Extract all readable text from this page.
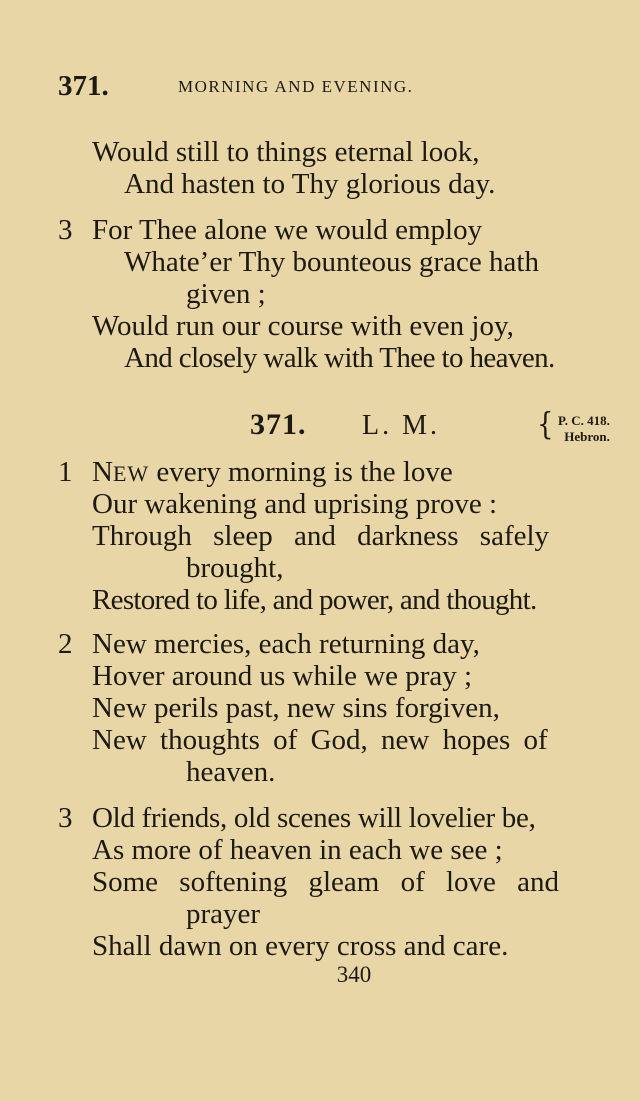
371.	MORNING AND EVENING.
Would still to things eternal look,
And hasten to Thy glorious day.
3 For Thee alone we would employ
Whate’er Thy bounteous grace hath
given ;
Would run our course with even joy,
And closely walk with Thee to heaven.
371. L. M.	{ P. C. 418.
Hebron.
1 NEW every morning is the love
Our wakening and uprising prove :
Through sleep and darkness safely
brought,
Restored to life, and power, and thought.
2 New mercies, each returning day,
Hover around us while we pray ;
New perils past, new sins forgiven,
New thoughts of God, new hopes of
heaven.
3 Old friends, old scenes will lovelier be,
As more of heaven in each we see ;
Some softening gleam of love and
prayer
Shall dawn on every cross and care.
340
